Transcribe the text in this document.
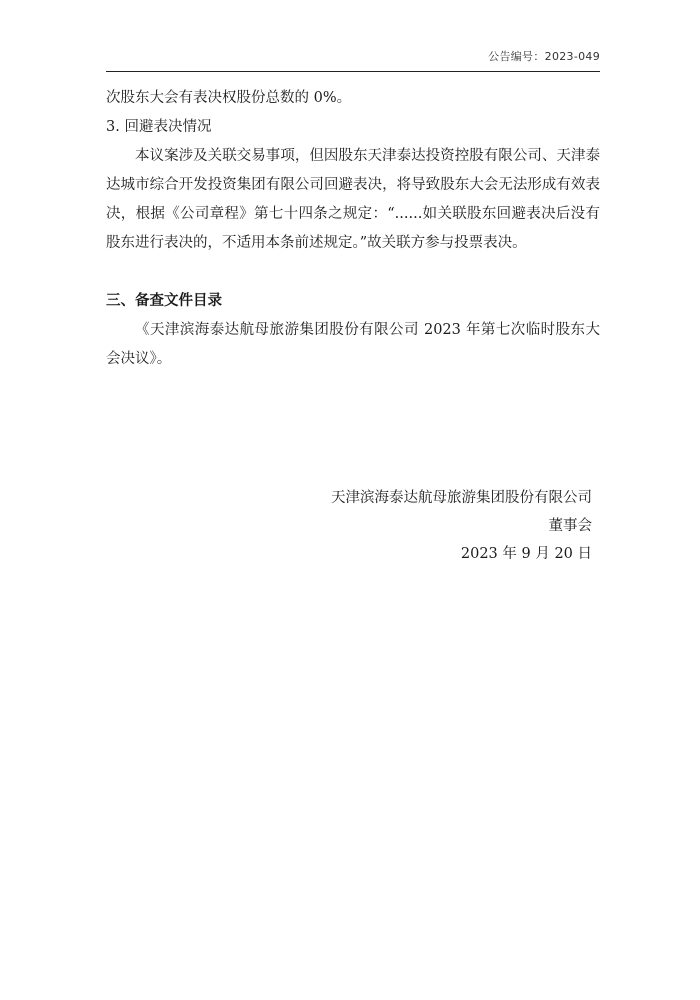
公告编号：2023-049

次股东大会有表决权股份总数的 0%。

3. 回避表决情况

本议案涉及关联交易事项，但因股东天津泰达投资控股有限公司、天津泰达城市综合开发投资集团有限公司回避表决，将导致股东大会无法形成有效表决，根据《公司章程》第七十四条之规定：“......如关联股东回避表决后没有股东进行表决的，不适用本条前述规定。”故关联方参与投票表决。

三、备查文件目录

《天津滨海泰达航母旅游集团股份有限公司 2023 年第七次临时股东大会决议》。

天津滨海泰达航母旅游集团股份有限公司
董事会
2023 年 9 月 20 日
